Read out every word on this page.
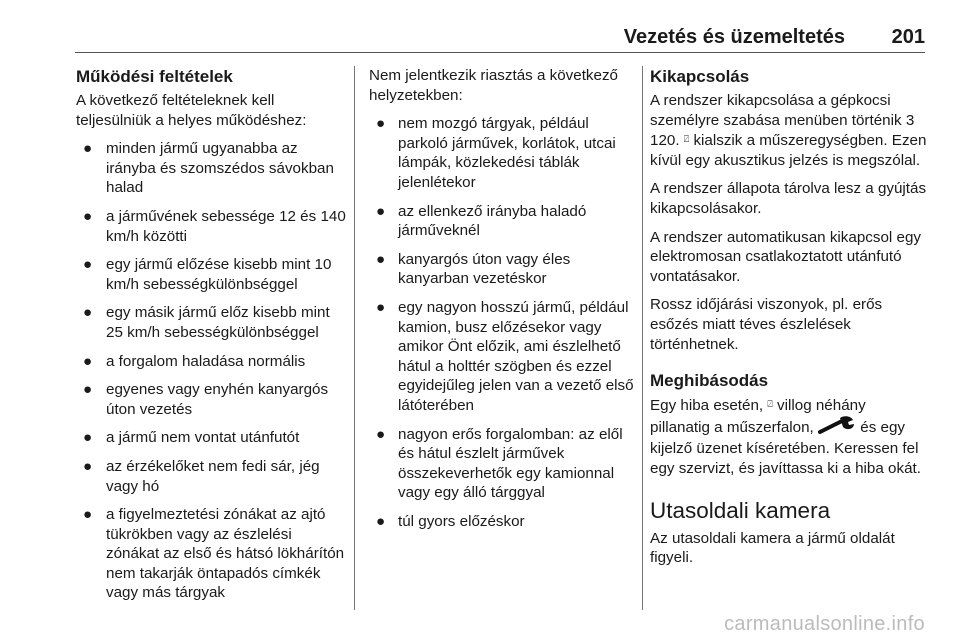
Vezetés és üzemeltetés 201
Működési feltételek

A következő feltételeknek kell teljesülniük a helyes működéshez:

● minden jármű ugyanabba az irányba és szomszédos sávokban halad
● a járművének sebessége 12 és 140 km/h közötti
● egy jármű előzése kisebb mint 10 km/h sebességkülönbséggel
● egy másik jármű előz kisebb mint 25 km/h sebességkülönbséggel
● a forgalom haladása normális
● egyenes vagy enyhén kanyargós úton vezetés
● a jármű nem vontat utánfutót
● az érzékelőket nem fedi sár, jég vagy hó
● a figyelmeztetési zónákat az ajtó tükrökben vagy az észlelési zónákat az első és hátsó lökhárítón nem takarják öntapadós címkék vagy más tárgyak

Nem jelentkezik riasztás a következő helyzetekben:

● nem mozgó tárgyak, például parkoló járművek, korlátok, utcai lámpák, közlekedési táblák jelenlétekor
● az ellenkező irányba haladó járműveknél
● kanyargós úton vagy éles kanyarban vezetéskor
● egy nagyon hosszú jármű, például kamion, busz előzésekor vagy amikor Önt előzik, ami észlelhető hátul a holttér szögben és ezzel egyidejűleg jelen van a vezető első látóterében
● nagyon erős forgalomban: az elől és hátul észlelt járművek összekeverhetők egy kamionnal vagy egy álló tárggyal
● túl gyors előzéskor
Kikapcsolás

A rendszer kikapcsolása a gépkocsi személyre szabása menüben történik 3 120. ⍁ kialszik a műszeregységben. Ezen kívül egy akusztikus jelzés is megszólal.

A rendszer állapota tárolva lesz a gyújtás kikapcsolásakor.

A rendszer automatikusan kikapcsol egy elektromosan csatlakoztatott utánfutó vontatásakor.

Rossz időjárási viszonyok, pl. erős esőzés miatt téves észlelések történhetnek.

Meghibásodás

Egy hiba esetén, ⍁ villog néhány pillanatig a műszerfalon,	és egy kijelző üzenet kíséretében. Keressen fel egy szervizt, és javíttassa ki a hiba okát.

Utasoldali kamera

Az utasoldali kamera a jármű oldalát figyeli.

carmanualsonline.info
